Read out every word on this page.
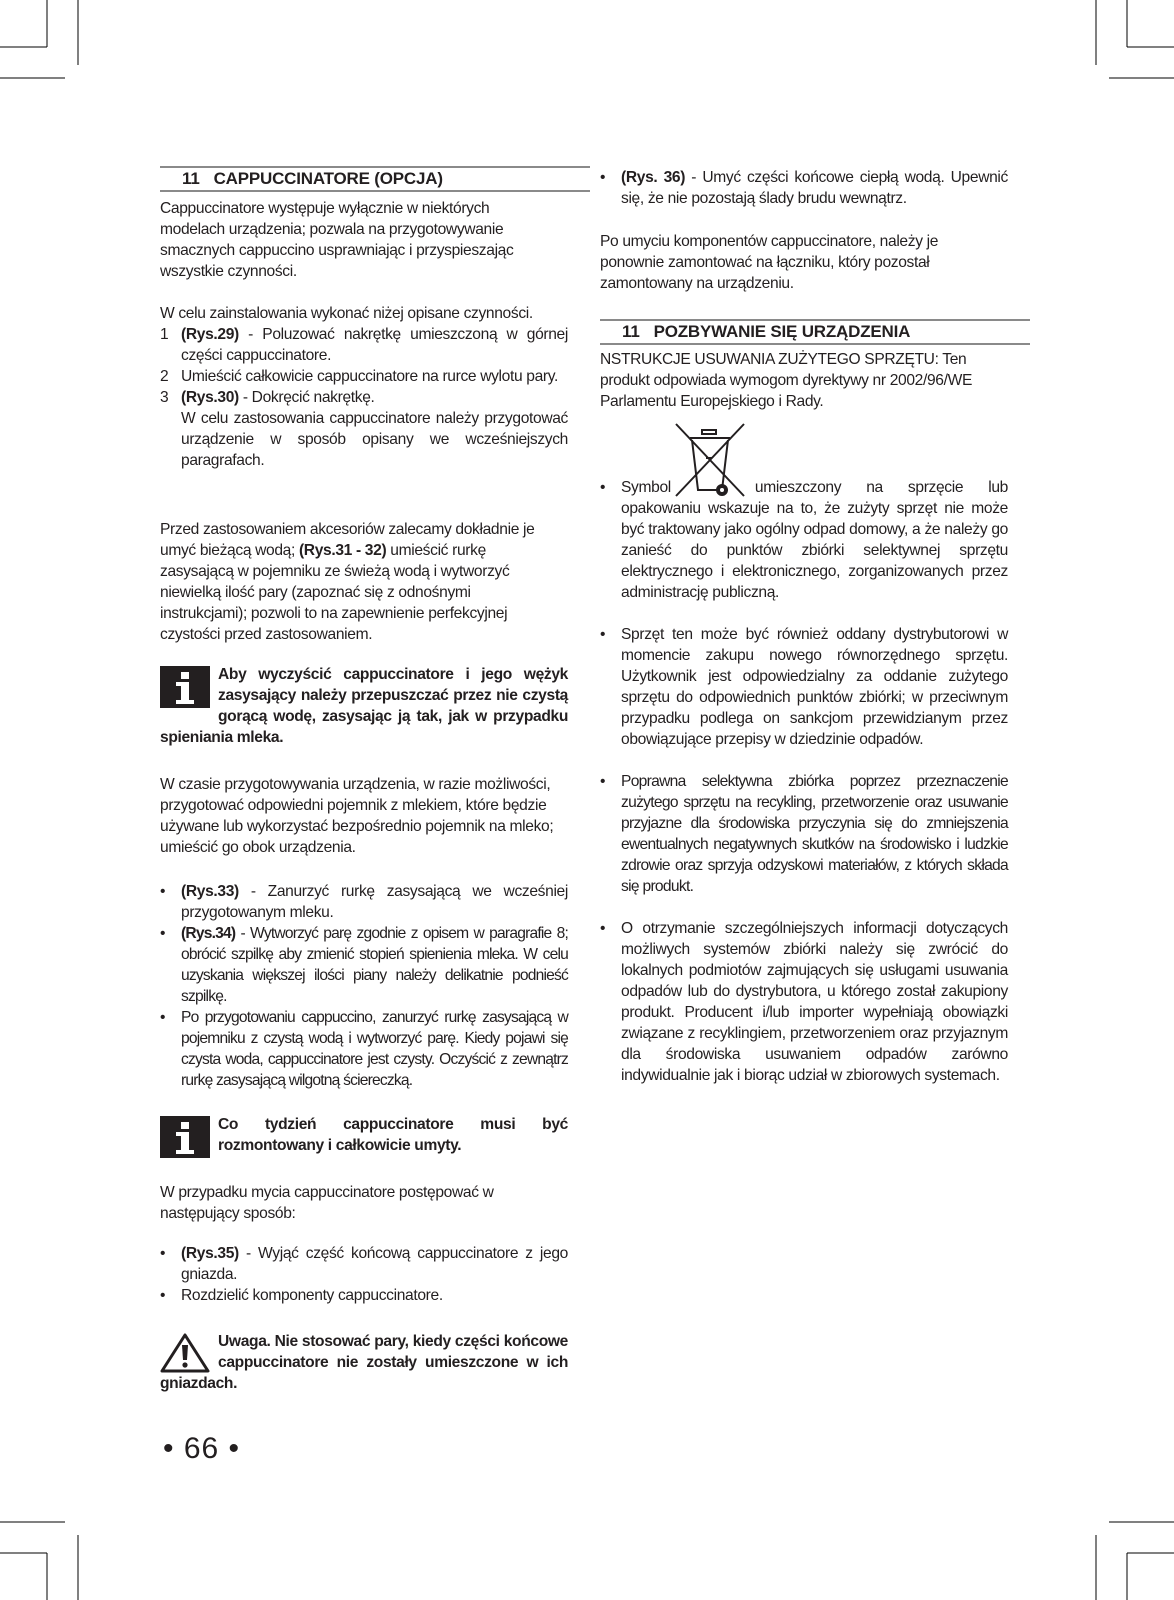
11 CAPPUCCINATORE (OPCJA)

Cappuccinatore występuje wyłącznie w niektórych modelach urządzenia; pozwala na przygotowywanie smacznych cappuccino usprawniając i przyspieszając wszystkie czynności.

W celu zainstalowania wykonać niżej opisane czynności.

1 (Rys.29) - Poluzować nakrętkę umieszczoną w górnej części cappuccinatore.
2 Umieścić całkowicie cappuccinatore na rurce wylotu pary.
3 (Rys.30) - Dokręcić nakrętkę.
W celu zastosowania cappuccinatore należy przygotować urządzenie w sposób opisany we wcześniejszych paragrafach.

Przed zastosowaniem akcesoriów zalecamy dokładnie je umyć bieżącą wodą; (Rys.31 - 32) umieścić rurkę zasysającą w pojemniku ze świeżą wodą i wytworzyć niewielką ilość pary (zapoznać się z odnośnymi instrukcjami); pozwoli to na zapewnienie perfekcyjnej czystości przed zastosowaniem.

Aby wyczyścić cappuccinatore i jego wężyk zasysający należy przepuszczać przez nie czystą gorącą wodę, zasysając ją tak, jak w przypadku spieniania mleka.

W czasie przygotowywania urządzenia, w razie możliwości, przygotować odpowiedni pojemnik z mlekiem, które będzie używane lub wykorzystać bezpośrednio pojemnik na mleko; umieścić go obok urządzenia.

• (Rys.33) - Zanurzyć rurkę zasysającą we wcześniej przygotowanym mleku.
• (Rys.34) - Wytworzyć parę zgodnie z opisem w paragrafie 8; obrócić szpilkę aby zmienić stopień spienienia mleka. W celu uzyskania większej ilości piany należy delikatnie podnieść szpilkę.
• Po przygotowaniu cappuccino, zanurzyć rurkę zasysającą w pojemniku z czystą wodą i wytworzyć parę. Kiedy pojawi się czysta woda, cappuccinatore jest czysty. Oczyścić z zewnątrz rurkę zasysającą wilgotną ściereczką.
Co tydzień cappuccinatore musi być rozmontowany i całkowicie umyty.

W przypadku mycia cappuccinatore postępować w następujący sposób:

• (Rys.35) - Wyjąć część końcową cappuccinatore z jego gniazda.
• Rozdzielić komponenty cappuccinatore.
Uwaga. Nie stosować pary, kiedy części końcowe cappuccinatore nie zostały umieszczone w ich gniazdach.
• 66 •
• (Rys. 36) - Umyć części końcowe ciepłą wodą. Upewnić się, że nie pozostają ślady brudu wewnątrz.

Po umyciu komponentów cappuccinatore, należy je ponownie zamontować na łączniku, który pozostał zamontowany na urządzeniu.

11 POZBYWANIE SIĘ URZĄDZENIA

NSTRUKCJE USUWANIA ZUŻYTEGO SPRZĘTU: Ten produkt odpowiada wymogom dyrektywy nr 2002/96/WE Parlamentu Europejskiego i Rady.

• Symbol	umieszczony na sprzęcie lub opakowaniu wskazuje na to, że zużyty sprzęt nie może być traktowany jako ogólny odpad domowy, a że należy go zanieść do punktów zbiórki selektywnej sprzętu elektrycznego i elektronicznego, zorganizowanych przez administrację publiczną.
• Sprzęt ten może być również oddany dystrybutorowi w momencie zakupu nowego równorzędnego sprzętu. Użytkownik jest odpowiedzialny za oddanie zużytego sprzętu do odpowiednich punktów zbiórki; w przeciwnym przypadku podlega on sankcjom przewidzianym przez obowiązujące przepisy w dziedzinie odpadów.
• Poprawna selektywna zbiórka poprzez przeznaczenie zużytego sprzętu na recykling, przetworzenie oraz usuwanie przyjazne dla środowiska przyczynia się do zmniejszenia ewentualnych negatywnych skutków na środowisko i ludzkie zdrowie oraz sprzyja odzyskowi materiałów, z których składa się produkt.
• O otrzymanie szczególniejszych informacji dotyczących możliwych systemów zbiórki należy się zwrócić do lokalnych podmiotów zajmujących się usługami usuwania odpadów lub do dystrybutora, u którego został zakupiony produkt. Producent i/lub importer wypełniają obowiązki związane z recyklingiem, przetworzeniem oraz przyjaznym dla środowiska usuwaniem odpadów zarówno indywidualnie jak i biorąc udział w zbiorowych systemach.
